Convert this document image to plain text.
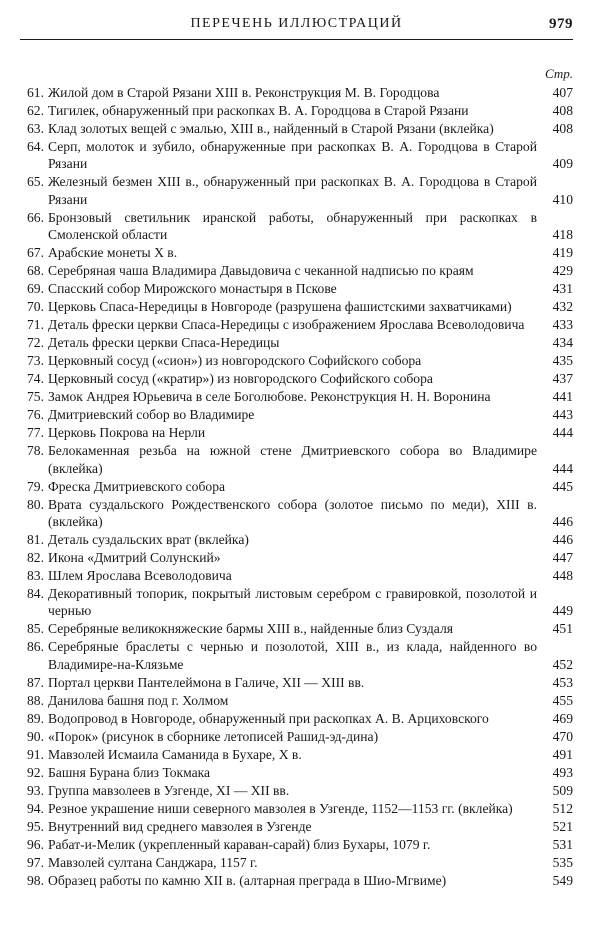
ПЕРЕЧЕНЬ ИЛЛЮСТРАЦИЙ	979
Стр.
61. Жилой дом в Старой Рязани XIII в. Реконструкция М. В. Городцова	407
62. Тигилек, обнаруженный при раскопках В. А. Городцова в Старой Рязани	408
63. Клад золотых вещей с эмалью, XIII в., найденный в Старой Рязани (вклейка)	408
64. Серп, молоток и зубило, обнаруженные при раскопках В. А. Городцова в Старой Рязани	409
65. Железный безмен XIII в., обнаруженный при раскопках В. А. Городцова в Старой Рязани	410
66. Бронзовый светильник иранской работы, обнаруженный при раскопках в Смоленской области	418
67. Арабские монеты X в.	419
68. Серебряная чаша Владимира Давыдовича с чеканной надписью по краям	429
69. Спасский собор Мирожского монастыря в Пскове	431
70. Церковь Спаса-Нередицы в Новгороде (разрушена фашистскими захватчиками)	432
71. Деталь фрески церкви Спаса-Нередицы с изображением Ярослава Всеволодовича	433
72. Деталь фрески церкви Спаса-Нередицы	434
73. Церковный сосуд («сион») из новгородского Софийского собора	435
74. Церковный сосуд («кратир») из новгородского Софийского собора	437
75. Замок Андрея Юрьевича в селе Боголюбове. Реконструкция Н. Н. Воронина	441
76. Дмитриевский собор во Владимире	443
77. Церковь Покрова на Нерли	444
78. Белокаменная резьба на южной стене Дмитриевского собора во Владимире (вклейка)	444
79. Фреска Дмитриевского собора	445
80. Врата суздальского Рождественского собора (золотое письмо по меди), XIII в. (вклейка)	446
81. Деталь суздальских врат (вклейка)	446
82. Икона «Дмитрий Солунский»	447
83. Шлем Ярослава Всеволодовича	448
84. Декоративный топорик, покрытый листовым серебром с гравировкой, позолотой и чернью	449
85. Серебряные великокняжеские бармы XIII в., найденные близ Суздаля	451
86. Серебряные браслеты с чернью и позолотой, XIII в., из клада, найденного во Владимире-на-Клязьме	452
87. Портал церкви Пантелеймона в Галиче, XII — XIII вв.	453
88. Данилова башня под г. Холмом	455
89. Водопровод в Новгороде, обнаруженный при раскопках А. В. Арциховского	469
90. «Порок» (рисунок в сборнике летописей Рашид-эд-дина)	470
91. Мавзолей Исмаила Саманида в Бухаре, X в.	491
92. Башня Бурана близ Токмака	493
93. Группа мавзолеев в Узгенде, XI — XII вв.	509
94. Резное украшение ниши северного мавзолея в Узгенде, 1152—1153 гг. (вклейка)	512
95. Внутренний вид среднего мавзолея в Узгенде	521
96. Рабат-и-Мелик (укрепленный караван-сарай) близ Бухары, 1079 г.	531
97. Мавзолей султана Санджара, 1157 г.	535
98. Образец работы по камню XII в. (алтарная преграда в Шио-Мгвиме)	549
